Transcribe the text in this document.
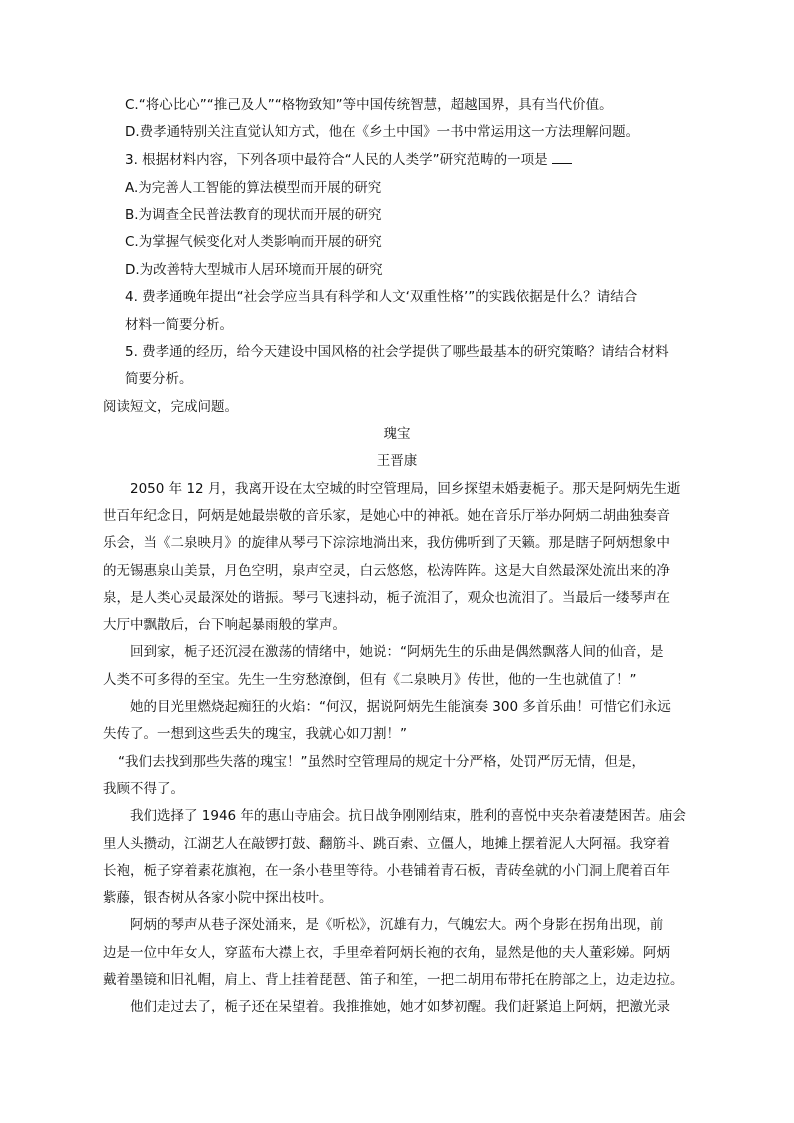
C.“将心比心”“推己及人”“格物致知”等中国传统智慧，超越国界，具有当代价值。
D.费孝通特别关注直觉认知方式，他在《乡土中国》一书中常运用这一方法理解问题。
3. 根据材料内容，下列各项中最符合“人民的人类学”研究范畴的一项是
A.为完善人工智能的算法模型而开展的研究
B.为调查全民普法教育的现状而开展的研究
C.为掌握气候变化对人类影响而开展的研究
D.为改善特大型城市人居环境而开展的研究
4. 费孝通晚年提出“社会学应当具有科学和人文‘双重性格’”的实践依据是什么？请结合
材料一简要分析。
5. 费孝通的经历，给今天建设中国风格的社会学提供了哪些最基本的研究策略？请结合材料
简要分析。
阅读短文，完成问题。
瑰宝
王晋康
2050 年 12 月，我离开设在太空城的时空管理局，回乡探望未婚妻栀子。那天是阿炳先生逝
世百年纪念日，阿炳是她最崇敬的音乐家，是她心中的神祇。她在音乐厅举办阿炳二胡曲独奏音
乐会，当《二泉映月》的旋律从琴弓下淙淙地淌出来，我仿佛听到了天籁。那是瞎子阿炳想象中
的无锡惠泉山美景，月色空明，泉声空灵，白云悠悠，松涛阵阵。这是大自然最深处流出来的净
泉，是人类心灵最深处的谐振。琴弓飞速抖动，栀子流泪了，观众也流泪了。当最后一缕琴声在
大厅中飘散后，台下响起暴雨般的掌声。
回到家，栀子还沉浸在激荡的情绪中，她说：“阿炳先生的乐曲是偶然飘落人间的仙音，是
人类不可多得的至宝。先生一生穷愁潦倒，但有《二泉映月》传世，他的一生也就值了！”
她的目光里燃烧起痴狂的火焰：“何汉，据说阿炳先生能演奏 300 多首乐曲！可惜它们永远
失传了。一想到这些丢失的瑰宝，我就心如刀割！”
“我们去找到那些失落的瑰宝！”虽然时空管理局的规定十分严格，处罚严厉无情，但是，
我顾不得了。
我们选择了 1946 年的惠山寺庙会。抗日战争刚刚结束，胜利的喜悦中夹杂着凄楚困苦。庙会
里人头攒动，江湖艺人在敲锣打鼓、翻筋斗、跳百索、立僵人，地摊上摆着泥人大阿福。我穿着
长袍，栀子穿着素花旗袍，在一条小巷里等待。小巷铺着青石板，青砖垒就的小门洞上爬着百年
紫藤，银杏树从各家小院中探出枝叶。
阿炳的琴声从巷子深处涌来，是《听松》，沉雄有力，气魄宏大。两个身影在拐角出现，前
边是一位中年女人，穿蓝布大襟上衣，手里牵着阿炳长袍的衣角，显然是他的夫人董彩娣。阿炳
戴着墨镜和旧礼帽，肩上、背上挂着琵琶、笛子和笙，一把二胡用布带托在胯部之上，边走边拉。
他们走过去了，栀子还在呆望着。我推推她，她才如梦初醒。我们赶紧追上阿炳，把激光录
